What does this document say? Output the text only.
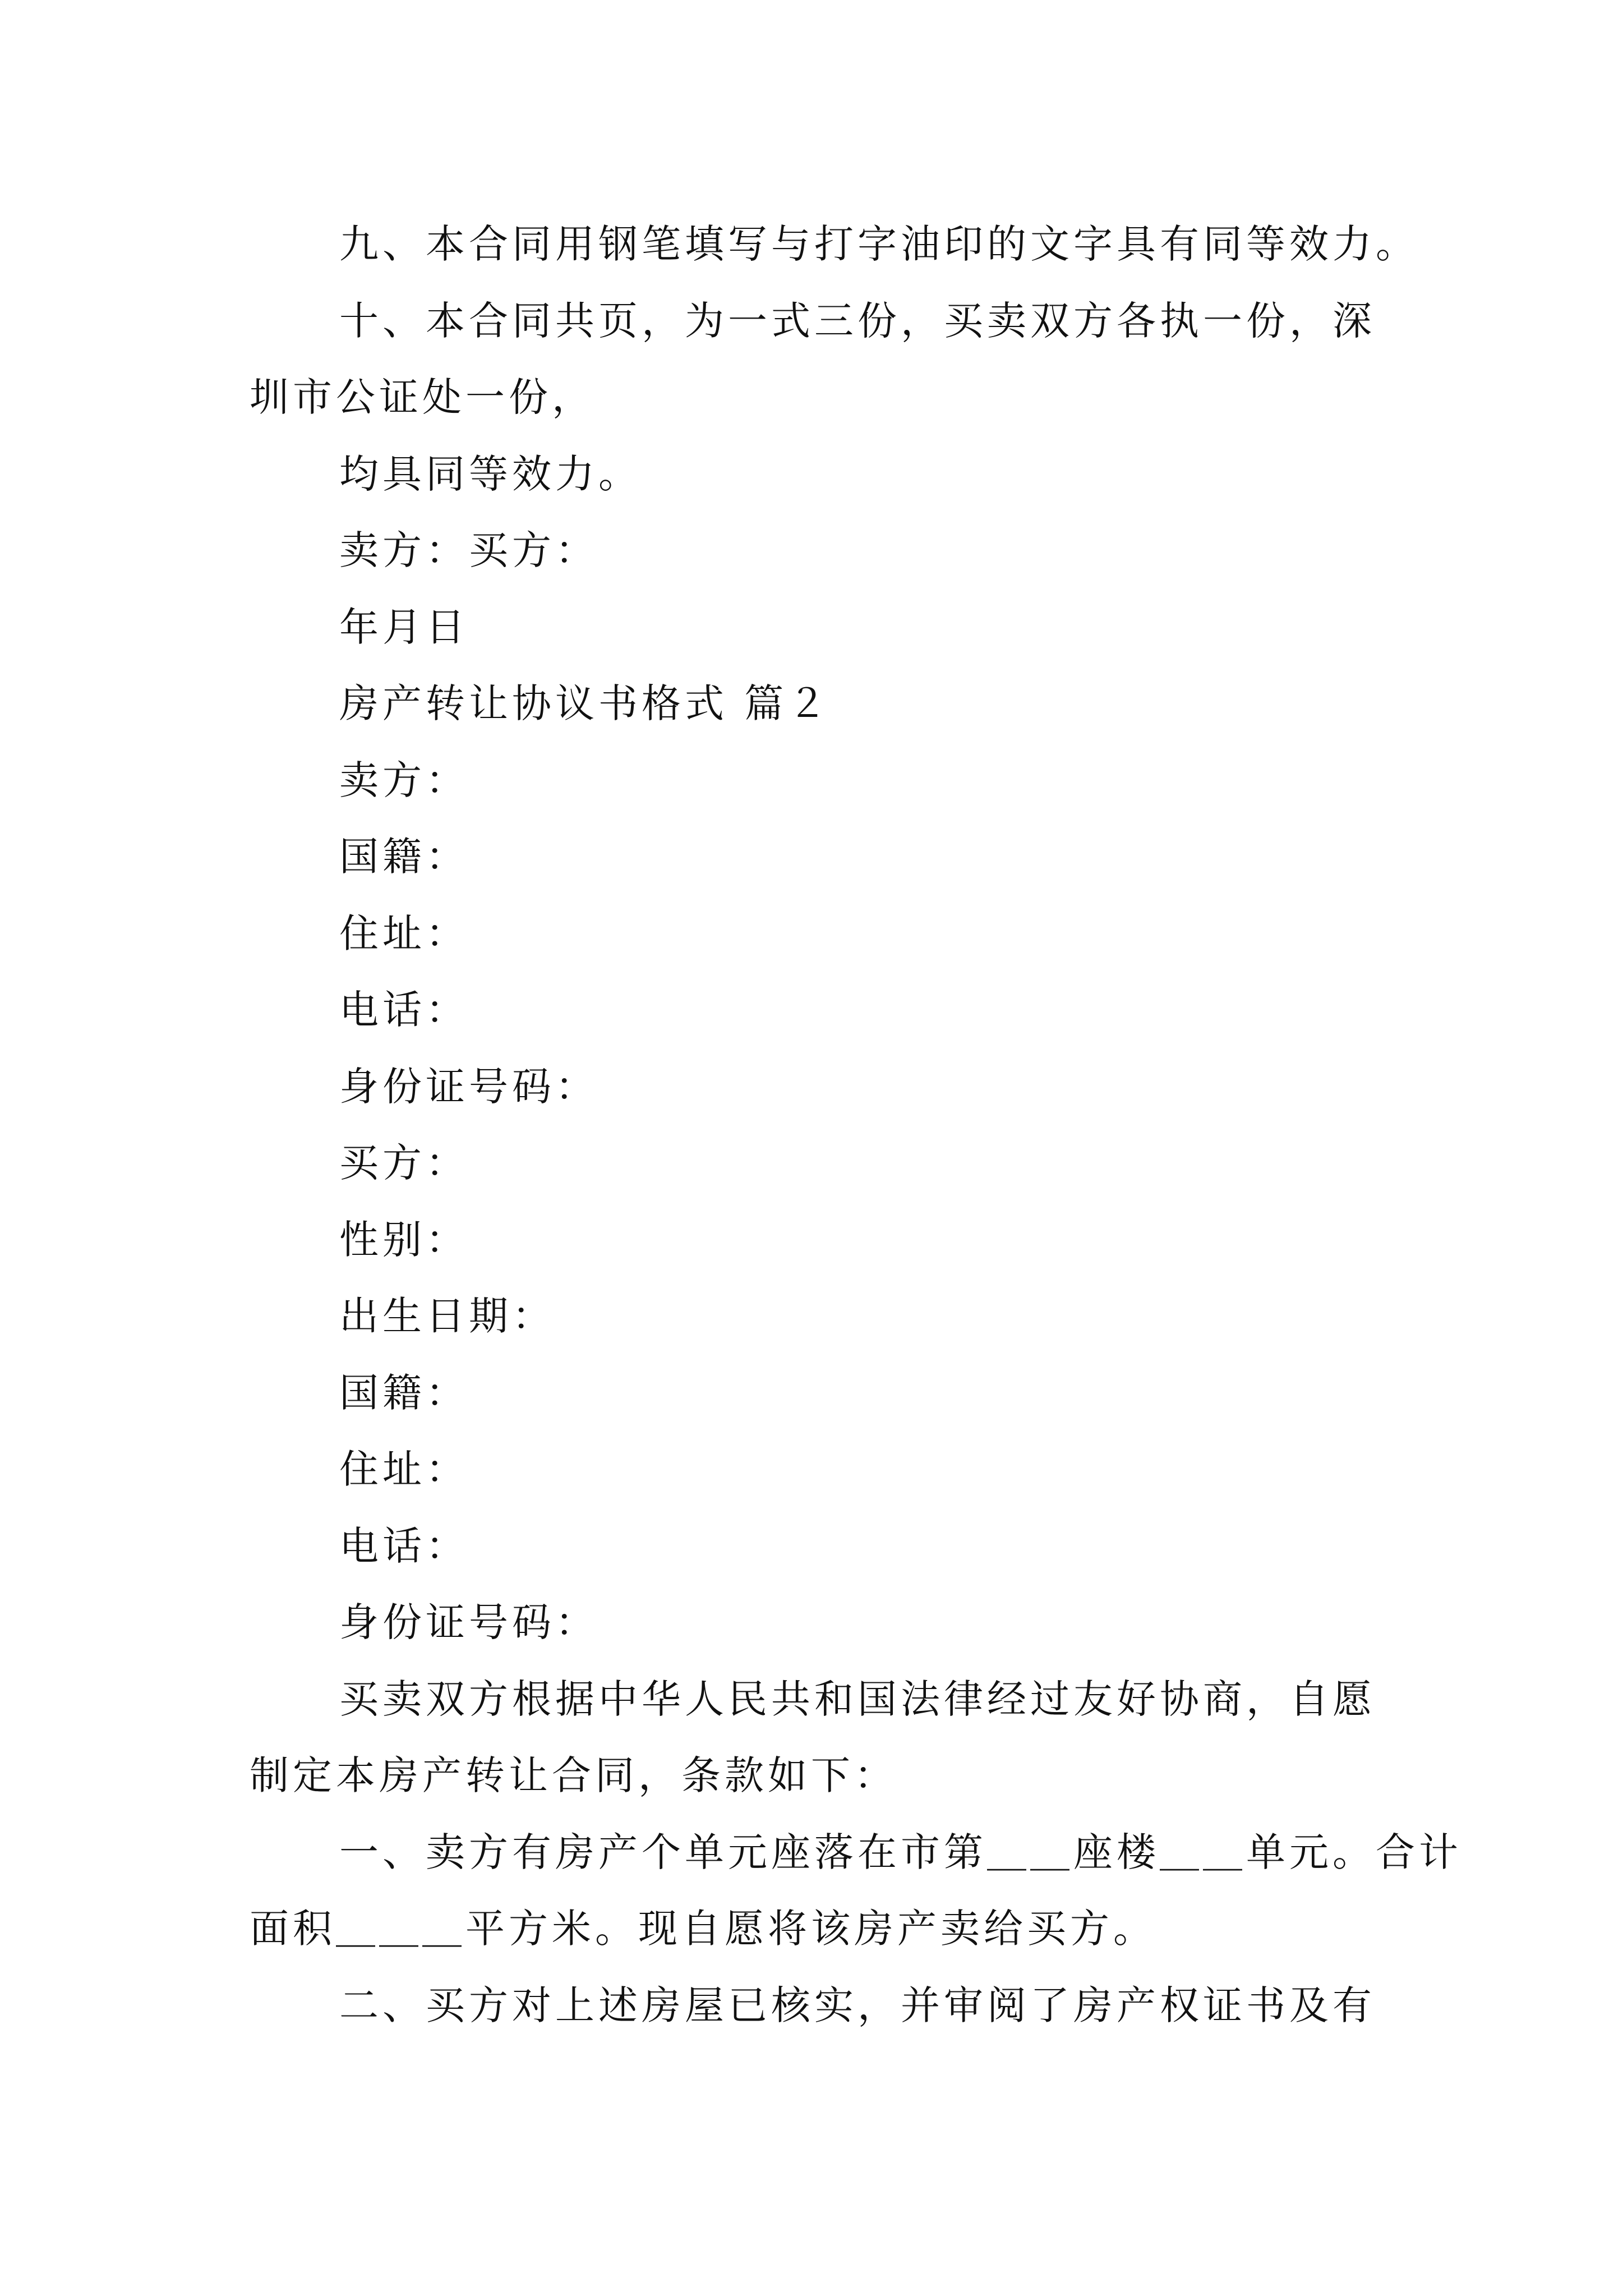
九、本合同用钢笔填写与打字油印的文字具有同等效力。
十、本合同共页，为一式三份，买卖双方各执一份，深
圳市公证处一份，
均具同等效力。
卖方：买方：
年月日
房产转让协议书格式 篇２
卖方：
国籍：
住址：
电话：
身份证号码：
买方：
性别：
出生日期：
国籍：
住址：
电话：
身份证号码：
买卖双方根据中华人民共和国法律经过友好协商，自愿
制定本房产转让合同，条款如下：
一、卖方有房产个单元座落在市第＿＿座楼＿＿单元。合计
面积＿＿＿平方米。现自愿将该房产卖给买方。
二、买方对上述房屋已核实，并审阅了房产权证书及有
